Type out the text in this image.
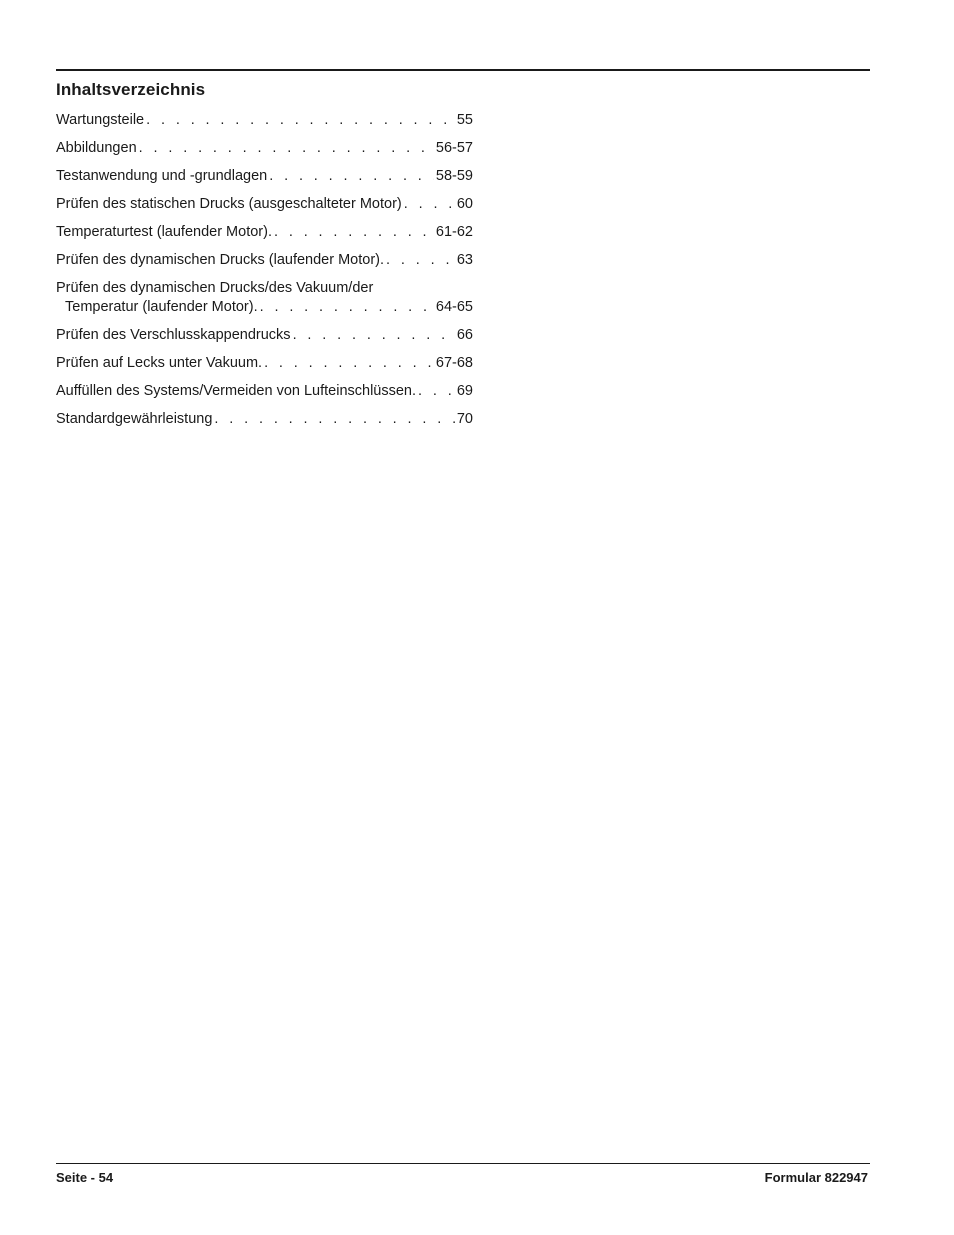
Inhaltsverzeichnis
Wartungsteile . . .	55
Abbildungen . . .	56-57
Testanwendung und -grundlagen . . .	58-59
Prüfen des statischen Drucks (ausgeschalteter Motor) . . .	60
Temperaturtest (laufender Motor). . . .	61-62
Prüfen des dynamischen Drucks (laufender Motor). . . .	63
Prüfen des dynamischen Drucks/des Vakuum/der
Temperatur (laufender Motor). . . .	64-65
Prüfen des Verschlusskappendrucks . . .	66
Prüfen auf Lecks unter Vakuum. . . .	67-68
Auffüllen des Systems/Vermeiden von Lufteinschlüssen. . . .	69
Standardgewährleistung . . .	70
Seite - 54	Formular 822947
